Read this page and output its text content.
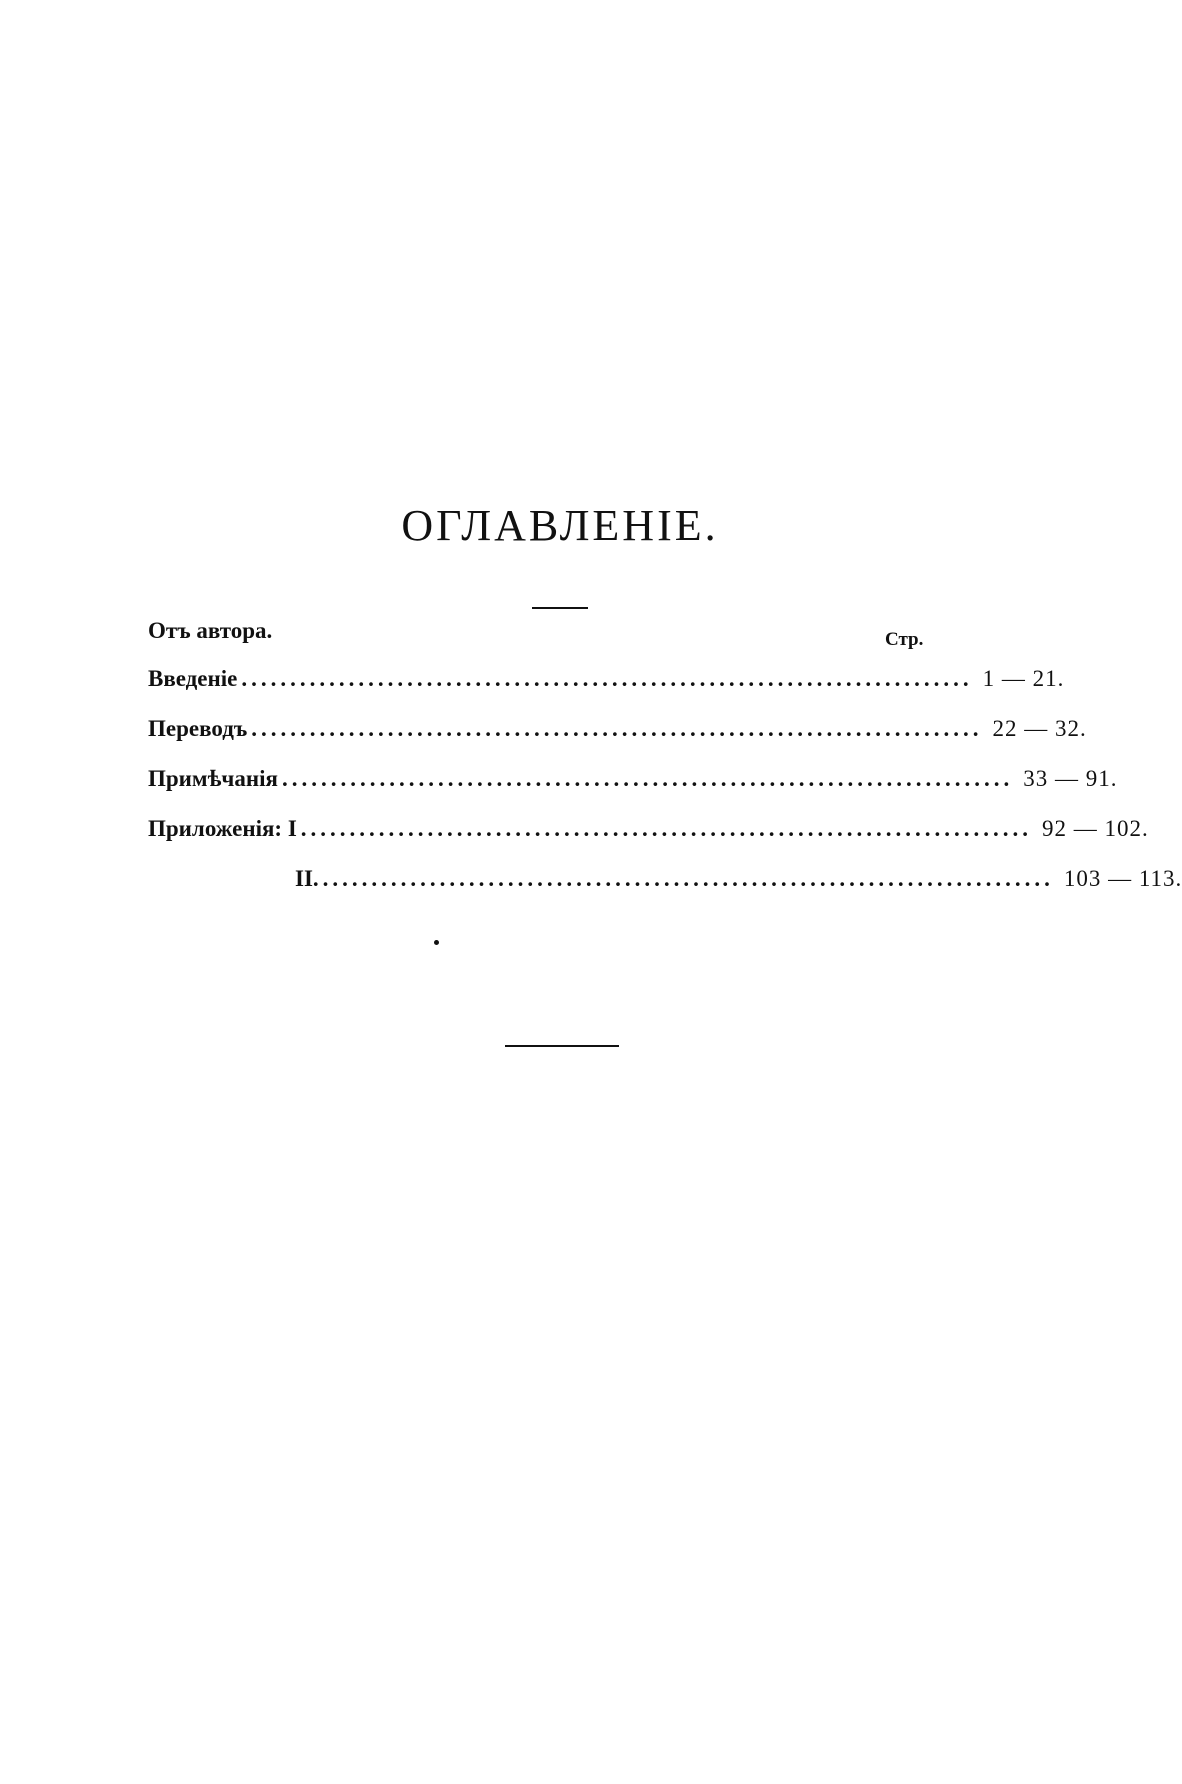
ОГЛАВЛЕНІЕ.
Отъ автора.	Стр.
Введеніе ........................................................................... 1 — 21.
Переводъ ........................................................................... 22 — 32.
Примѣчанія ........................................................................... 33 — 91.
Приложенія: I ........................................................................... 92 — 102.
II. ........................................................................... 103 — 113.
